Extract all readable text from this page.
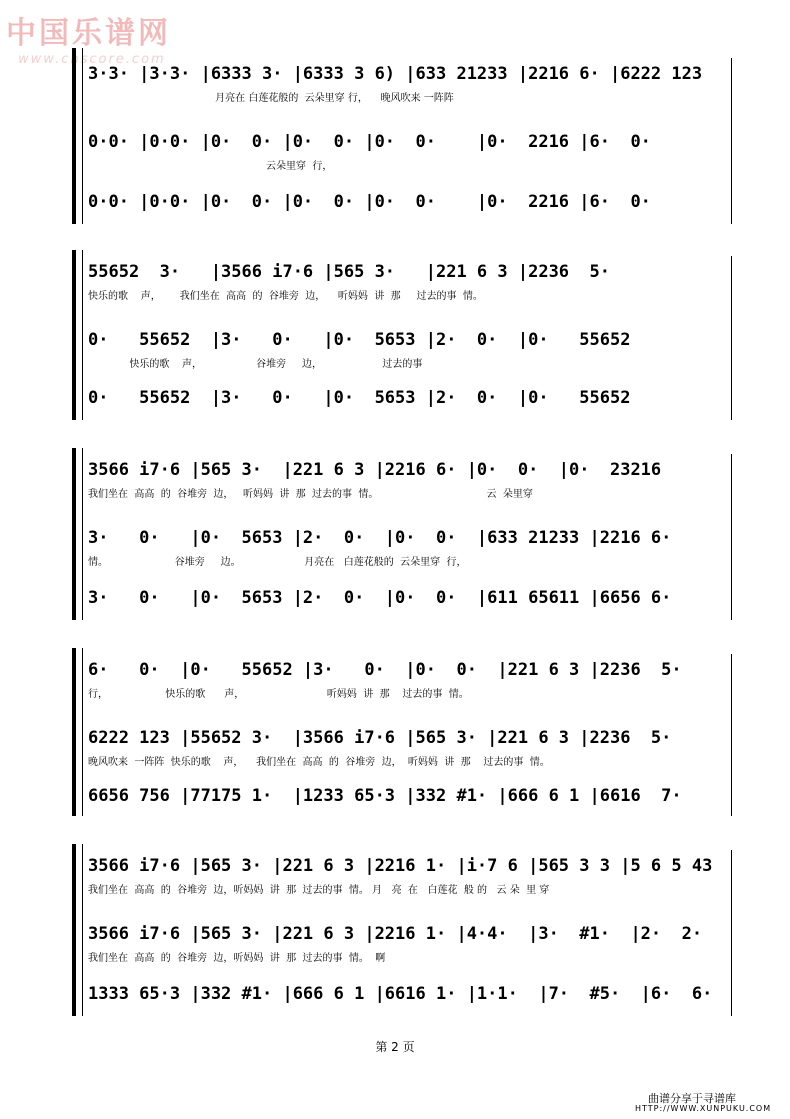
中国乐谱网
www.cnscore.com
3·3· |3·3· |6333 3· |6333 3 6) |633 21233 |2216 6· |6222 123
月亮在 白莲花般的  云朵里穿 行，    晚风吹来 一阵阵
0·0· |0·0· |0·  0· |0·  0· |0·  0·    |0·  2216 |6·  0·
云朵里穿  行，
0·0· |0·0· |0·  0· |0·  0· |0·  0·    |0·  2216 |6·  0·
55652  3·   |3566 i7·6 |565 3·   |221 6 3 |2236  5·
快乐的歌    声，      我们坐在  高高  的  谷堆旁  边，    听妈妈  讲  那     过去的事  情。
0·   55652  |3·   0·   |0·  5653 |2·  0·  |0·   55652
快乐的歌    声，                 谷堆旁     边，                   过去的事
0·   55652  |3·   0·   |0·  5653 |2·  0·  |0·   55652
3566 i7·6 |565 3·  |221 6 3 |2216 6· |0·  0·  |0·  23216
我们坐在  高高  的  谷堆旁  边，   听妈妈  讲  那  过去的事  情。                                  云  朵里穿
3·   0·   |0·  5653 |2·  0·  |0·  0·  |633 21233 |2216 6·
情。                     谷堆旁     边。                    月亮在   白莲花般的  云朵里穿  行，
3·   0·   |0·  5653 |2·  0·  |0·  0·  |611 65611 |6656 6·
6·   0·  |0·   55652 |3·   0·  |0·  0·  |221 6 3 |2236  5·
行，                  快乐的歌      声，                          听妈妈  讲  那    过去的事  情。
6222 123 |55652 3·  |3566 i7·6 |565 3· |221 6 3 |2236  5·
晚风吹来  一阵阵  快乐的歌    声，    我们坐在  高高  的  谷堆旁  边，  听妈妈  讲  那    过去的事  情。
6656 756 |77175 1·  |1233 65·3 |332 #1· |666 6 1 |6616  7·
3566 i7·6 |565 3· |221 6 3 |2216 1· |i·7 6 |565 3 3 |5 6 5 43
我们坐在  高高  的  谷堆旁  边，听妈妈  讲  那  过去的事  情。 月   亮  在   白莲花  般 的   云 朵  里 穿
3566 i7·6 |565 3· |221 6 3 |2216 1· |4·4·  |3·  #1·  |2·  2·
我们坐在  高高  的  谷堆旁  边，听妈妈  讲  那  过去的事  情。  啊
1333 65·3 |332 #1· |666 6 1 |6616 1· |1·1·  |7·  #5·  |6·  6·
第 2 页
曲谱分享于寻谱库
HTTP://WWW.XUNPUKU.COM
